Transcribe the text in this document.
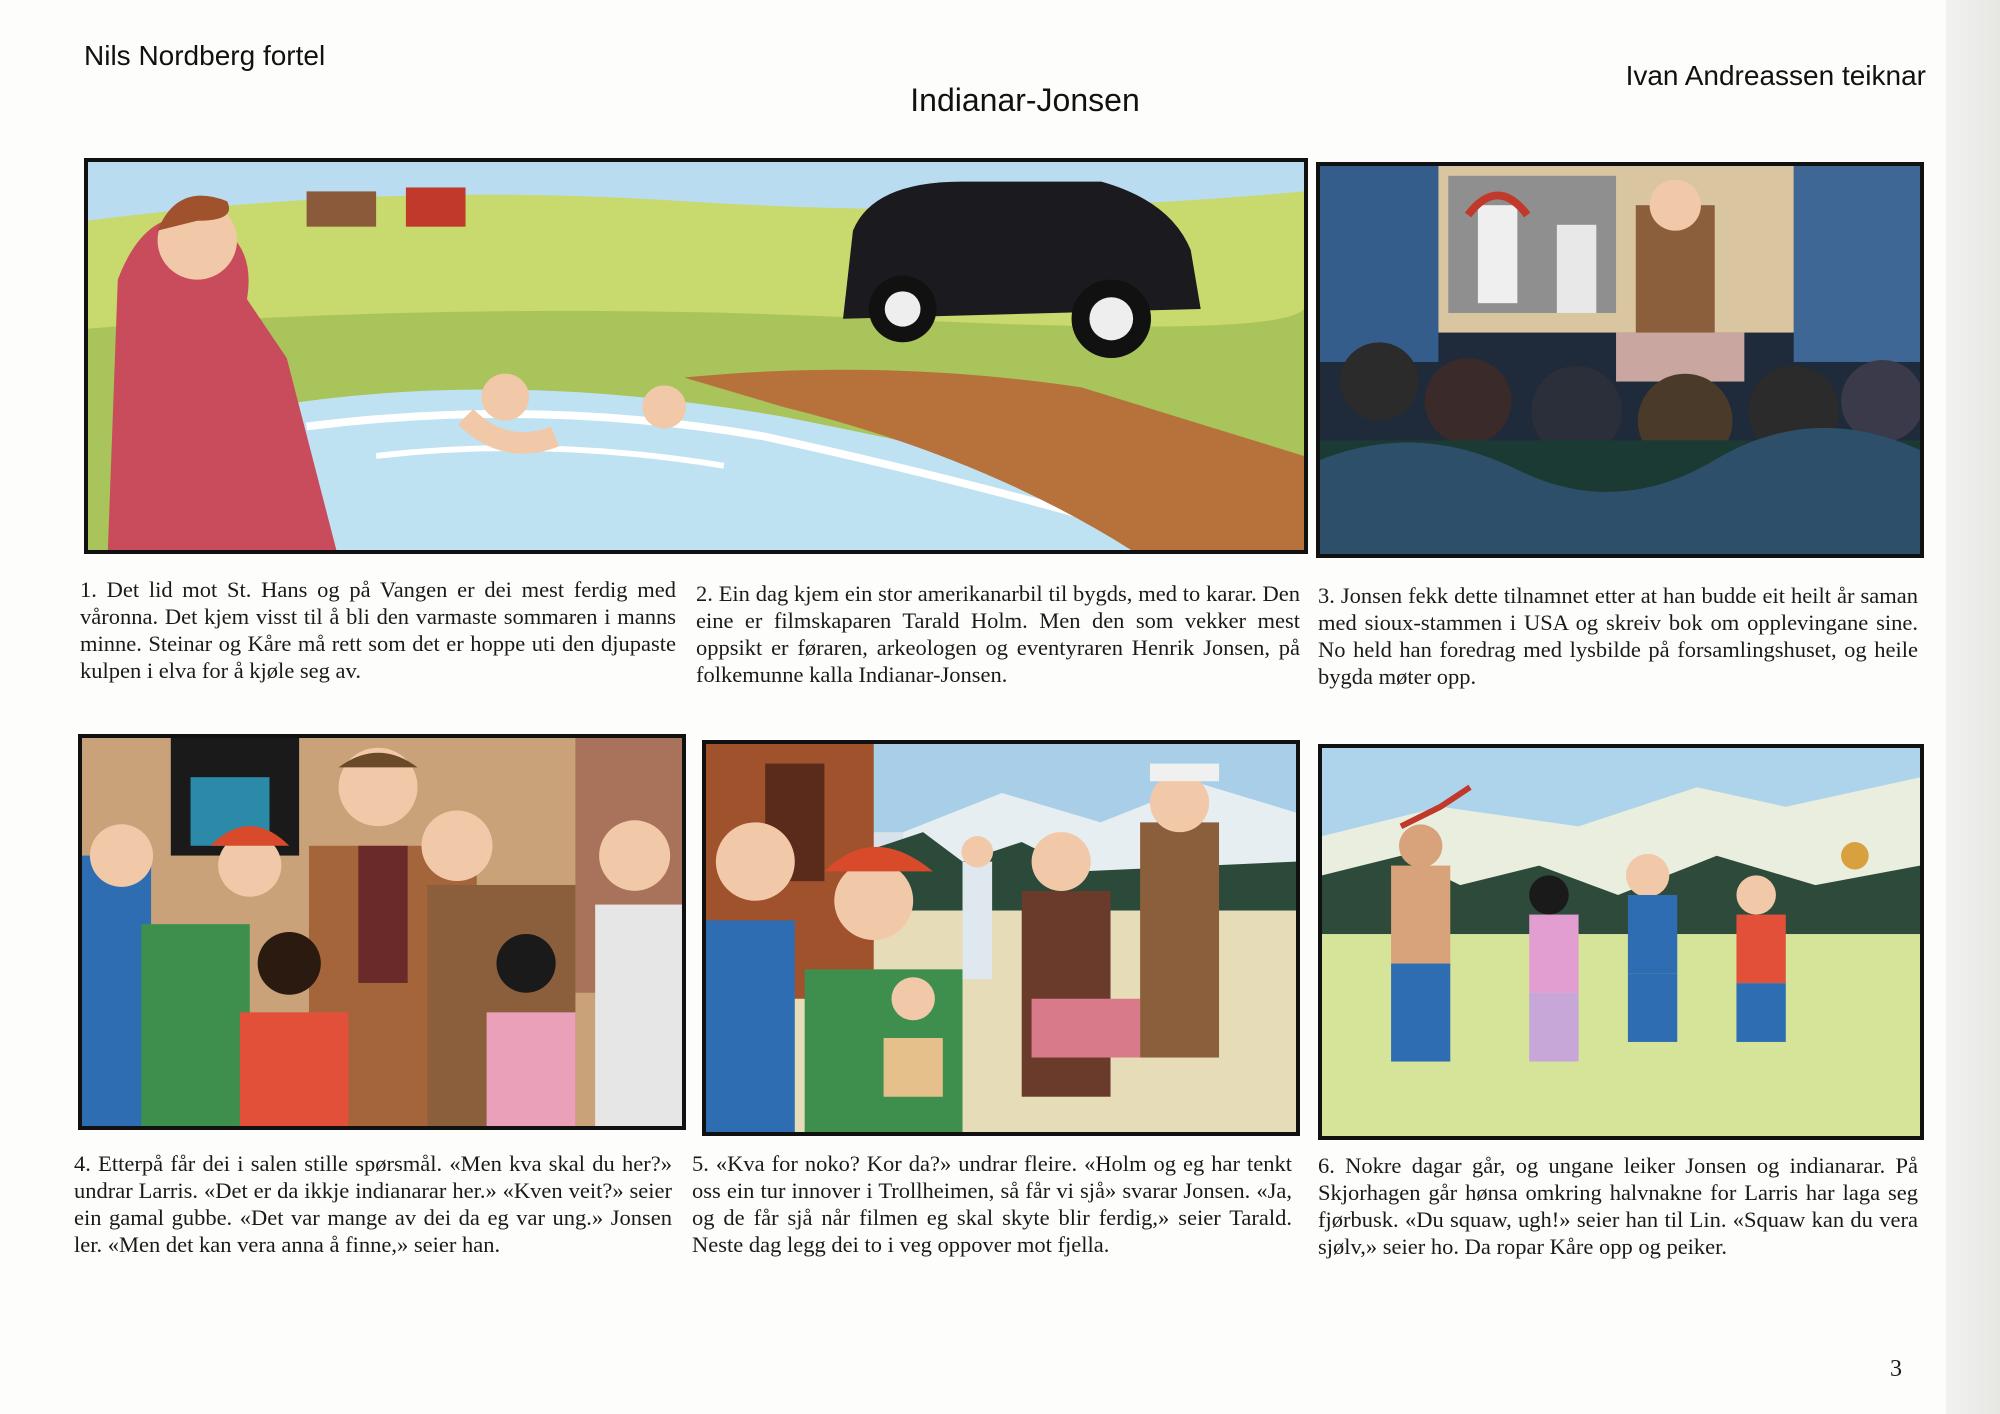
Nils Nordberg fortel
Indianar-Jonsen
Ivan Andreassen teiknar
1. Det lid mot St. Hans og på Vangen er dei mest ferdig med våronna. Det kjem visst til å bli den varmaste sommaren i manns minne. Steinar og Kåre må rett som det er hoppe uti den djupaste kulpen i elva for å kjøle seg av.
2. Ein dag kjem ein stor amerikanarbil til bygds, med to karar. Den eine er filmskaparen Tarald Holm. Men den som vekker mest oppsikt er føraren, arkeologen og eventyraren Henrik Jonsen, på folkemunne kalla Indianar-Jonsen.
3. Jonsen fekk dette tilnamnet etter at han budde eit heilt år saman med sioux-stammen i USA og skreiv bok om opplevingane sine. No held han foredrag med lysbilde på forsamlingshuset, og heile bygda møter opp.
4. Etterpå får dei i salen stille spørsmål. «Men kva skal du her?» undrar Larris. «Det er da ikkje indianarar her.» «Kven veit?» seier ein gamal gubbe. «Det var mange av dei da eg var ung.» Jonsen ler. «Men det kan vera anna å finne,» seier han.
5. «Kva for noko? Kor da?» undrar fleire. «Holm og eg har tenkt oss ein tur innover i Trollheimen, så får vi sjå» svarar Jonsen. «Ja, og de får sjå når filmen eg skal skyte blir ferdig,» seier Tarald. Neste dag legg dei to i veg oppover mot fjella.
6. Nokre dagar går, og ungane leiker Jonsen og indianarar. På Skjorhagen går hønsa omkring halvnakne for Larris har laga seg fjørbusk. «Du squaw, ugh!» seier han til Lin. «Squaw kan du vera sjølv,» seier ho. Da ropar Kåre opp og peiker.
3
